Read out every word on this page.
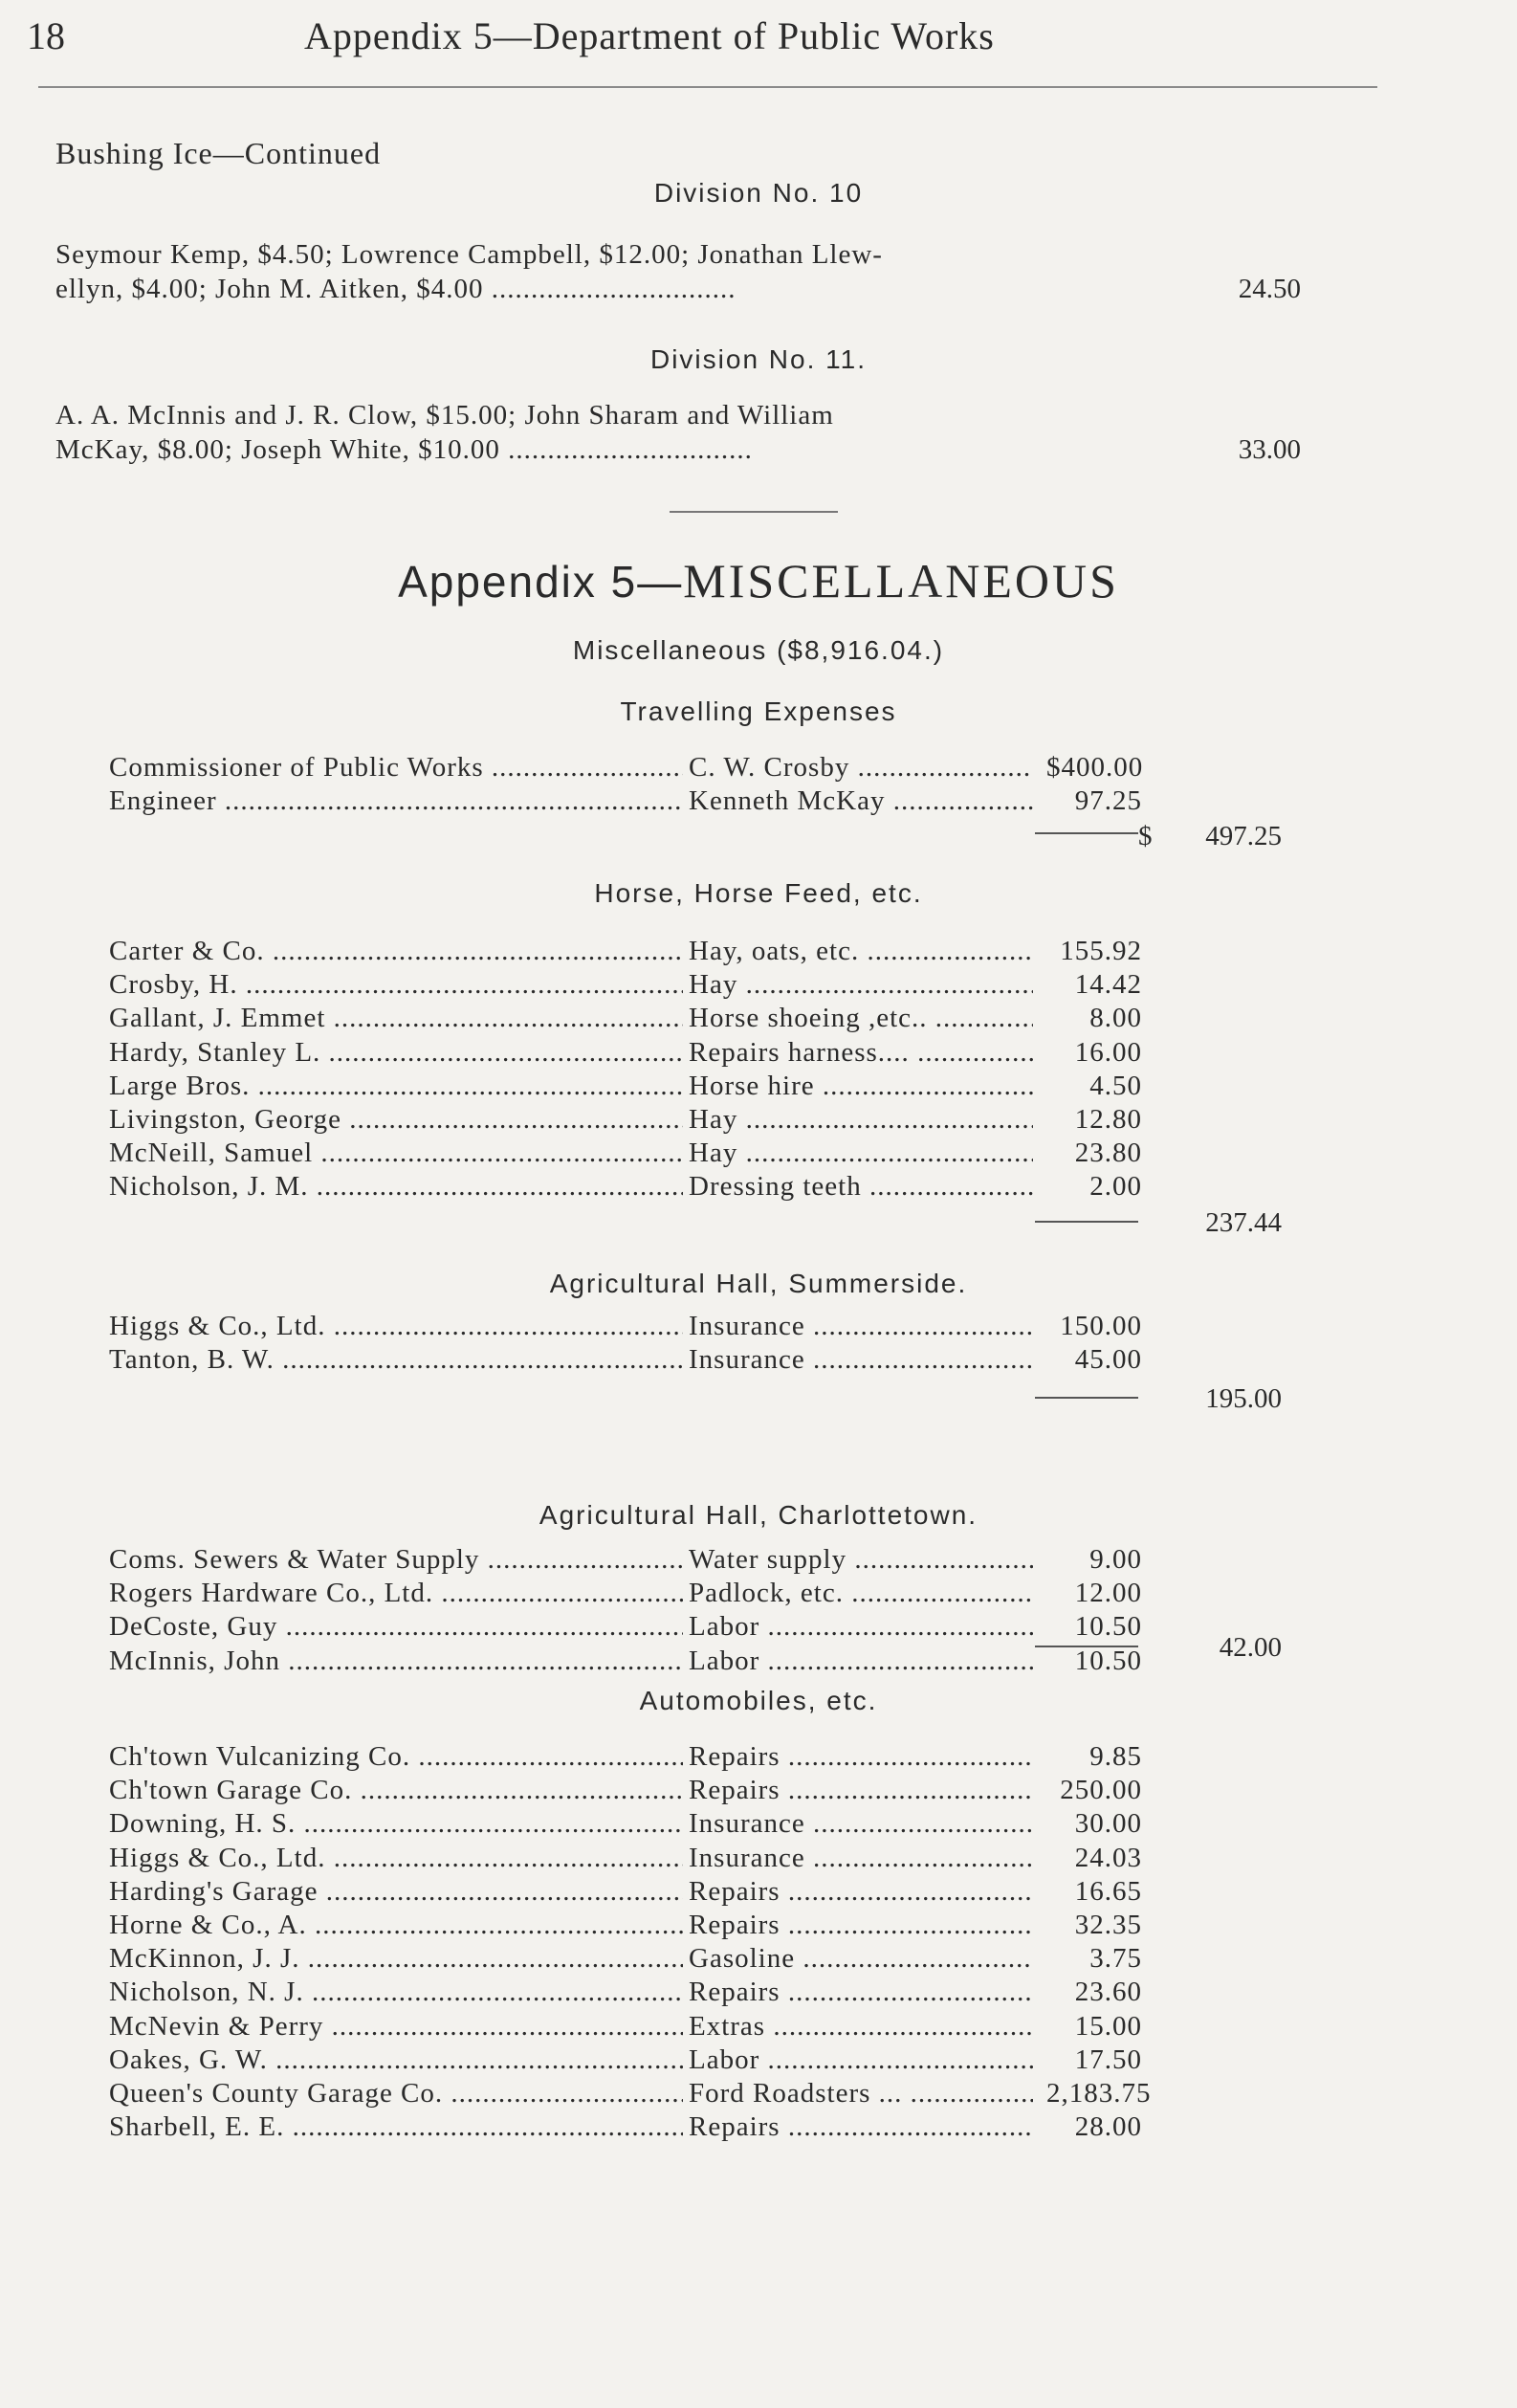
18	Appendix 5—Department of Public Works
Bushing Ice—Continued
Division No. 10
Seymour Kemp, $4.50; Lowrence Campbell, $12.00; Jonathan Llew-
ellyn, $4.00; John M. Aitken, $4.00 ...............................	24.50
Division No. 11.
A. A. McInnis and J. R. Clow, $15.00; John Sharam and William
McKay, $8.00; Joseph White, $10.00 ...............................	33.00
Appendix 5—MISCELLANEOUS
Miscellaneous ($8,916.04.)
Travelling Expenses
Commissioner of Public Works .....	C. W. Crosby .....	$400.00
Engineer .....	Kenneth McKay .....	97.25
$	497.25
Horse, Horse Feed, etc.
Carter & Co. .....	Hay, oats, etc. .....	155.92
Crosby, H. .....	Hay .....	14.42
Gallant, J. Emmet .....	Horse shoeing ,etc.. .....	8.00
Hardy, Stanley L. .....	Repairs harness.... .....	16.00
Large Bros. .....	Horse hire .....	4.50
Livingston, George .....	Hay .....	12.80
McNeill, Samuel .....	Hay .....	23.80
Nicholson, J. M. .....	Dressing teeth .....	2.00
237.44
Agricultural Hall, Summerside.
Higgs & Co., Ltd. .....	Insurance .....	150.00
Tanton, B. W. .....	Insurance .....	45.00
195.00
Agricultural Hall, Charlottetown.
Coms. Sewers & Water Supply .....	Water supply .....	9.00
Rogers Hardware Co., Ltd. .....	Padlock, etc. .....	12.00
DeCoste, Guy .....	Labor .....	10.50
McInnis, John .....	Labor .....	10.50	42.00
Automobiles, etc.
Ch'town Vulcanizing Co. .....	Repairs .....	9.85
Ch'town Garage Co. .....	Repairs .....	250.00
Downing, H. S. .....	Insurance .....	30.00
Higgs & Co., Ltd. .....	Insurance .....	24.03
Harding's Garage .....	Repairs .....	16.65
Horne & Co., A. .....	Repairs .....	32.35
McKinnon, J. J. .....	Gasoline .....	3.75
Nicholson, N. J. .....	Repairs .....	23.60
McNevin & Perry .....	Extras .....	15.00
Oakes, G. W. .....	Labor .....	17.50
Queen's County Garage Co. .....	Ford Roadsters ... .....	2,183.75
Sharbell, E. E. .....	Repairs .....	28.00
